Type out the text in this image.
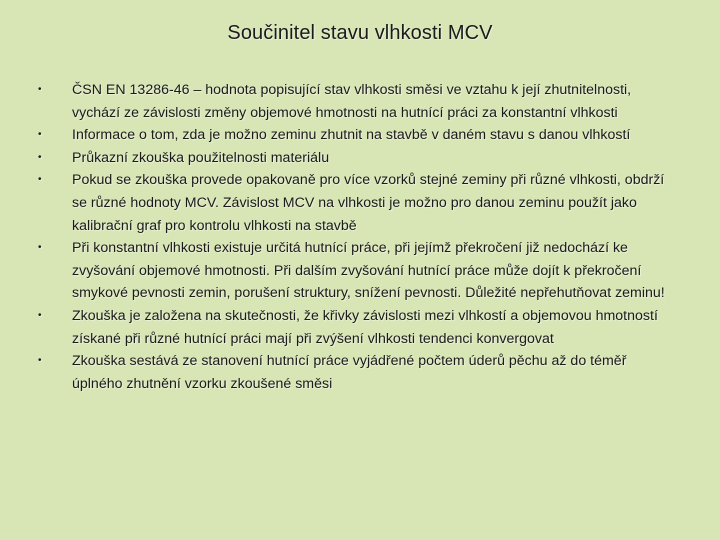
Součinitel stavu vlhkosti MCV
•	ČSN EN 13286-46 – hodnota popisující stav vlhkosti směsi ve vztahu k její zhutnitelnosti, vychází ze závislosti změny objemové hmotnosti na hutnící práci za konstantní vlhkosti
•	Informace o tom, zda je možno zeminu zhutnit na stavbě v daném stavu s danou vlhkostí
•	Průkazní zkouška použitelnosti materiálu
•	Pokud se zkouška provede opakovaně pro více vzorků stejné zeminy při různé vlhkosti, obdrží se různé hodnoty MCV. Závislost MCV na vlhkosti je možno pro danou zeminu použít jako kalibrační graf pro kontrolu vlhkosti na stavbě
•	Při konstantní vlhkosti existuje určitá hutnící práce, při jejímž překročení již nedochází ke zvyšování objemové hmotnosti. Při dalším zvyšování hutnící práce může dojít k překročení smykové pevnosti zemin, porušení struktury, snížení pevnosti. Důležité nepřehutňovat zeminu!
•	Zkouška je založena na skutečnosti, že křivky závislosti mezi vlhkostí a objemovou hmotností získané při různé hutnící práci mají při zvýšení vlhkosti tendenci konvergovat
•	Zkouška sestává ze stanovení hutnící práce vyjádřené počtem úderů pěchu až do téměř úplného zhutnění vzorku zkoušené směsi
